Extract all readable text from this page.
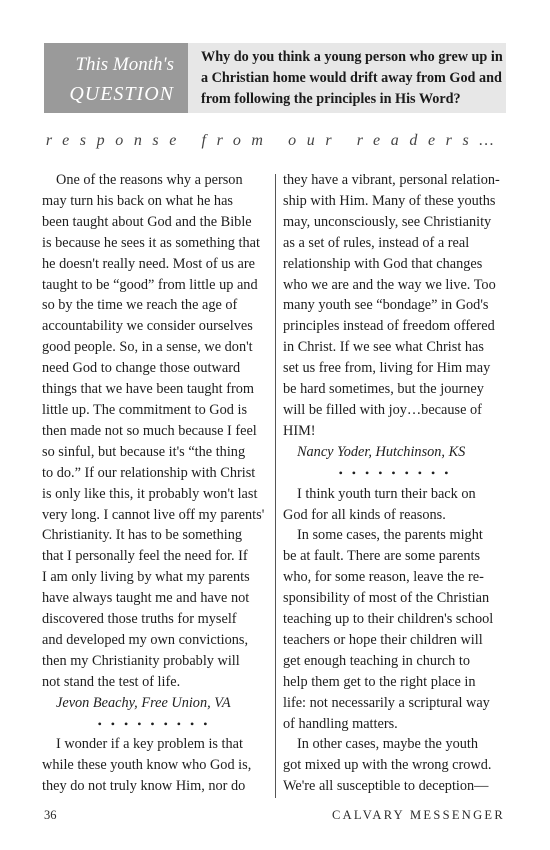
This Month's
QUESTION
Why do you think a young person who grew up in
a Christian home would drift away from God and
from following the principles in His Word?
response from our readers…
One of the reasons why a person
may turn his back on what he has
been taught about God and the Bible
is because he sees it as something that
he doesn't really need. Most of us are
taught to be “good” from little up and
so by the time we reach the age of
accountability we consider ourselves
good people. So, in a sense, we don't
need God to change those outward
things that we have been taught from
little up. The commitment to God is
then made not so much because I feel
so sinful, but because it's “the thing
to do.” If our relationship with Christ
is only like this, it probably won't last
very long. I cannot live off my parents'
Christianity. It has to be something
that I personally feel the need for. If
I am only living by what my parents
have always taught me and have not
discovered those truths for myself
and developed my own convictions,
then my Christianity probably will
not stand the test of life.
Jevon Beachy, Free Union, VA
• • • • • • • • •
I wonder if a key problem is that
while these youth know who God is,
they do not truly know Him, nor do
they have a vibrant, personal relation-
ship with Him. Many of these youths
may, unconsciously, see Christianity
as a set of rules, instead of a real
relationship with God that changes
who we are and the way we live. Too
many youth see “bondage” in God's
principles instead of freedom offered
in Christ. If we see what Christ has
set us free from, living for Him may
be hard sometimes, but the journey
will be filled with joy…because of
HIM!
Nancy Yoder, Hutchinson, KS
• • • • • • • • •
I think youth turn their back on
God for all kinds of reasons.
In some cases, the parents might
be at fault. There are some parents
who, for some reason, leave the re-
sponsibility of most of the Christian
teaching up to their children's school
teachers or hope their children will
get enough teaching in church to
help them get to the right place in
life: not necessarily a scriptural way
of handling matters.
In other cases, maybe the youth
got mixed up with the wrong crowd.
We're all susceptible to deception—
36	CALVARY MESSENGER
